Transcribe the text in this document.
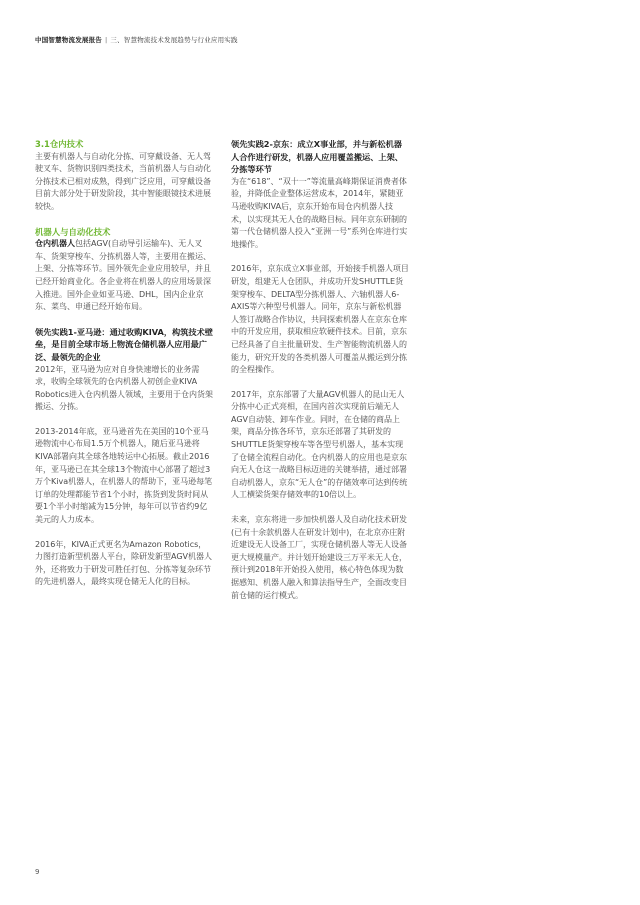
中国智慧物流发展报告 | 三、智慧物流技术发展趋势与行业应用实践
3.1仓内技术

主要有机器人与自动化分拣、可穿戴设备、无人驾驶叉车、货物识别四类技术，当前机器人与自动化分拣技术已相对成熟，得到广泛应用，可穿戴设备目前大部分处于研发阶段，其中智能眼镜技术进展较快。

机器人与自动化技术

仓内机器人包括AGV(自动导引运输车)、无人叉车、货架穿梭车、分拣机器人等，主要用在搬运、上架、分拣等环节。国外领先企业应用较早，并且已经开始商业化。各企业将在机器人的应用场景深入推进。国外企业如亚马逊、DHL，国内企业京东、菜鸟、申通已经开始布局。

领先实践1-亚马逊：通过收购KIVA，构筑技术壁垒，是目前全球市场上物流仓储机器人应用最广泛、最领先的企业

2012年，亚马逊为应对自身快速增长的业务需求，收购全球领先的仓内机器人初创企业KIVA Robotics进入仓内机器人领域，主要用于仓内货架搬运、分拣。

2013-2014年底，亚马逊首先在美国的10个亚马逊物流中心布局1.5万个机器人，随后亚马逊将KIVA部署向其全球各地转运中心拓展。截止2016年，亚马逊已在其全球13个物流中心部署了超过3万个Kiva机器人，在机器人的帮助下，亚马逊每笔订单的处理都能节省1个小时，拣货到发货时间从要1个半小时缩减为15分钟，每年可以节省约9亿美元的人力成本。

2016年，KIVA正式更名为Amazon Robotics，力图打造新型机器人平台，除研发新型AGV机器人外，还将致力于研发可胜任打包、分拣等复杂环节的先进机器人，最终实现仓储无人化的目标。

领先实践2-京东：成立X事业部，并与新松机器人合作进行研发，机器人应用覆盖搬运、上架、分拣等环节

为在“618”、“双十一”等流量高峰期保证消费者体验，并降低企业整体运营成本，2014年，紧随亚马逊收购KIVA后，京东开始布局仓内机器人技术，以实现其无人仓的战略目标。同年京东研制的第一代仓储机器人投入“亚洲一号”系列仓库进行实地操作。

2016年，京东成立X事业部，开始接手机器人项目研发，组建无人仓团队，并成功开发SHUTTLE货架穿梭车、DELTA型分拣机器人、六轴机器人6-AXIS等六种型号机器人。同年，京东与新松机器人签订战略合作协议，共同探索机器人在京东仓库中的开发应用，获取相应软硬件技术。目前，京东已经具备了自主批量研发、生产智能物流机器人的能力，研究开发的各类机器人可覆盖从搬运到分拣的全程操作。

2017年，京东部署了大量AGV机器人的昆山无人分拣中心正式亮相，在国内首次实现前后端无人AGV自动装、卸车作业。同时，在仓储的商品上架，商品分拣各环节，京东还部署了其研发的SHUTTLE货架穿梭车等各型号机器人，基本实现了仓储全流程自动化。仓内机器人的应用也是京东向无人仓这一战略目标迈进的关键举措，通过部署自动机器人，京东“无人仓”的存储效率可达到传统人工横梁货架存储效率的10倍以上。

未来，京东将进一步加快机器人及自动化技术研发(已有十余款机器人在研发计划中)，在北京亦庄附近建设无人设备工厂，实现仓储机器人等无人设备更大规模量产。并计划开始建设三万平米无人仓，预计到2018年开始投入使用，核心特色体现为数据感知、机器人融入和算法指导生产，全面改变目前仓储的运行模式。

9
